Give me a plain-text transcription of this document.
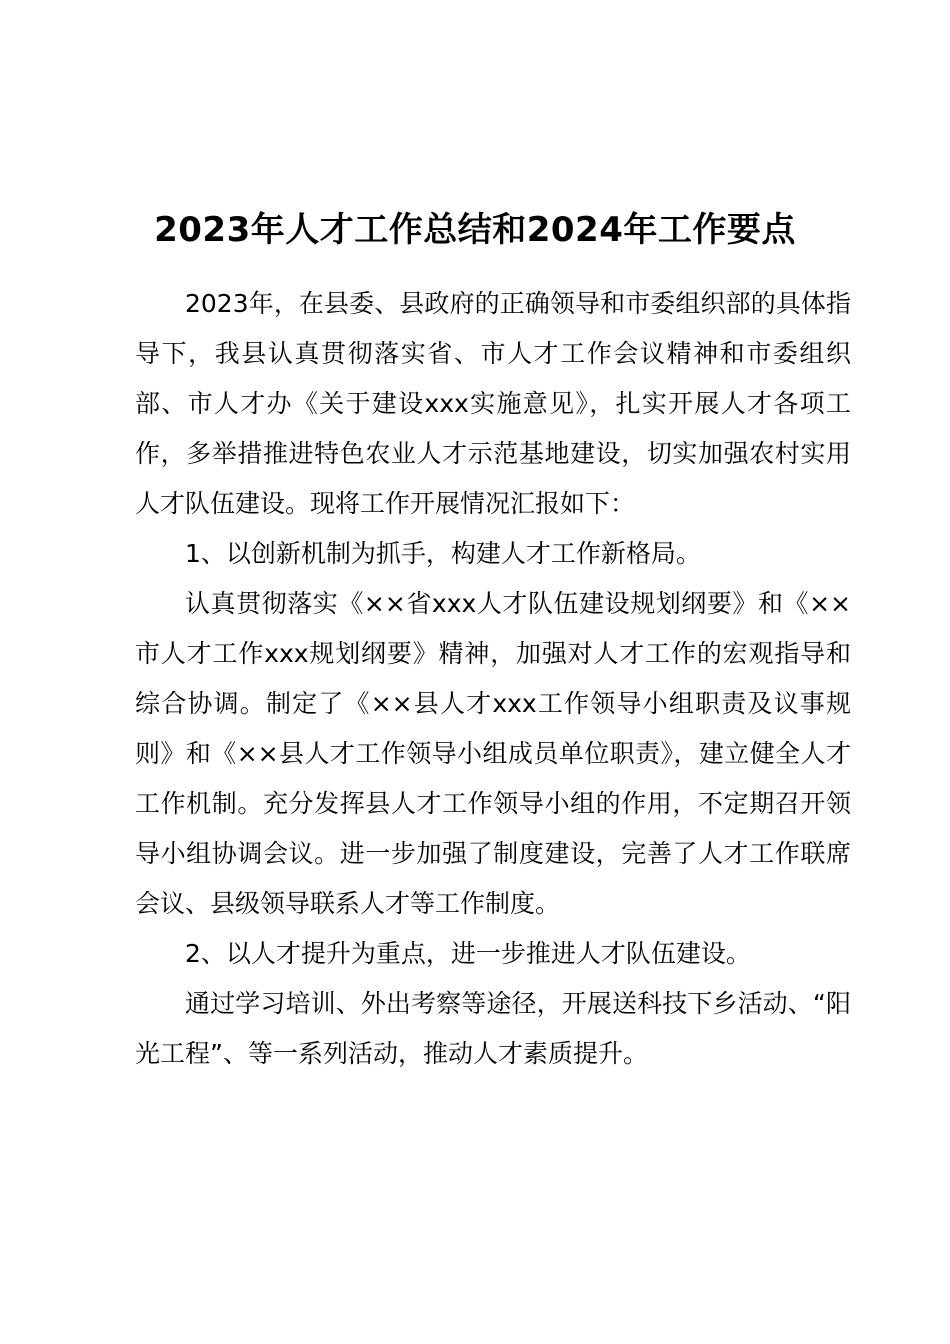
2023年人才工作总结和2024年工作要点

2023年，在县委、县政府的正确领导和市委组织部的具体指导下，我县认真贯彻落实省、市人才工作会议精神和市委组织部、市人才办《关于建设xxx实施意见》，扎实开展人才各项工作，多举措推进特色农业人才示范基地建设，切实加强农村实用人才队伍建设。现将工作开展情况汇报如下：

1、以创新机制为抓手，构建人才工作新格局。

认真贯彻落实《××省xxx人才队伍建设规划纲要》和《××市人才工作xxx规划纲要》精神，加强对人才工作的宏观指导和综合协调。制定了《××县人才xxx工作领导小组职责及议事规则》和《××县人才工作领导小组成员单位职责》，建立健全人才工作机制。充分发挥县人才工作领导小组的作用，不定期召开领导小组协调会议。进一步加强了制度建设，完善了人才工作联席会议、县级领导联系人才等工作制度。

2、以人才提升为重点，进一步推进人才队伍建设。

通过学习培训、外出考察等途径，开展送科技下乡活动、“阳光工程”、等一系列活动，推动人才素质提升。
